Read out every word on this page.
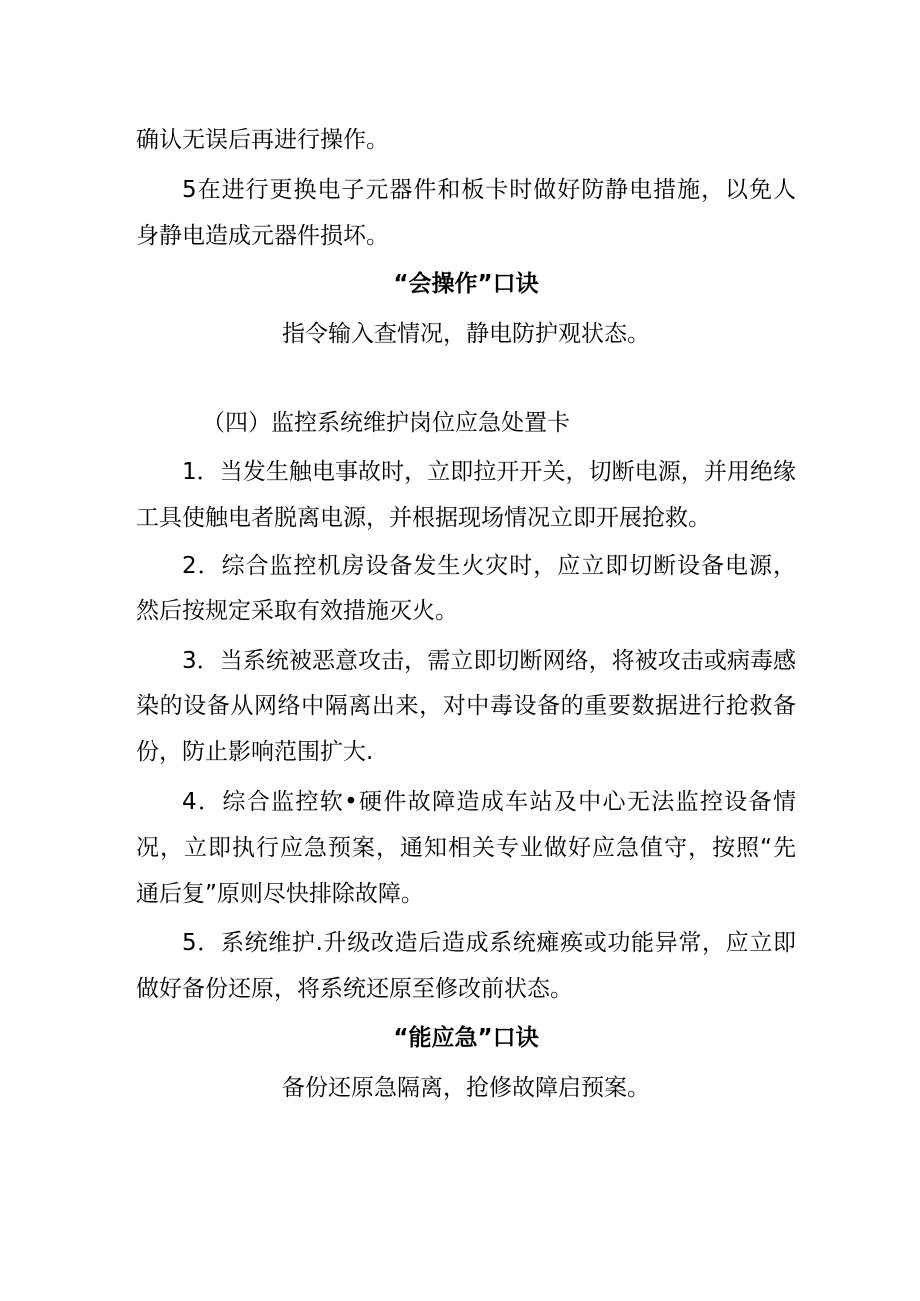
确认无误后再进行操作。
5在进行更换电子元器件和板卡时做好防静电措施，以免人
身静电造成元器件损坏。
“会操作”口诀
指令输入查情况，静电防护观状态。
（四）监控系统维护岗位应急处置卡
1．当发生触电事故时，立即拉开开关，切断电源，并用绝缘
工具使触电者脱离电源，并根据现场情况立即开展抢救。
2．综合监控机房设备发生火灾时，应立即切断设备电源，
然后按规定采取有效措施灭火。
3．当系统被恶意攻击，需立即切断网络，将被攻击或病毒感
染的设备从网络中隔离出来，对中毒设备的重要数据进行抢救备
份，防止影响范围扩大.
4．综合监控软•硬件故障造成车站及中心无法监控设备情
况，立即执行应急预案，通知相关专业做好应急值守，按照“先
通后复”原则尽快排除故障。
5．系统维护.升级改造后造成系统瘫痪或功能异常，应立即
做好备份还原，将系统还原至修改前状态。
“能应急”口诀
备份还原急隔离，抢修故障启预案。
